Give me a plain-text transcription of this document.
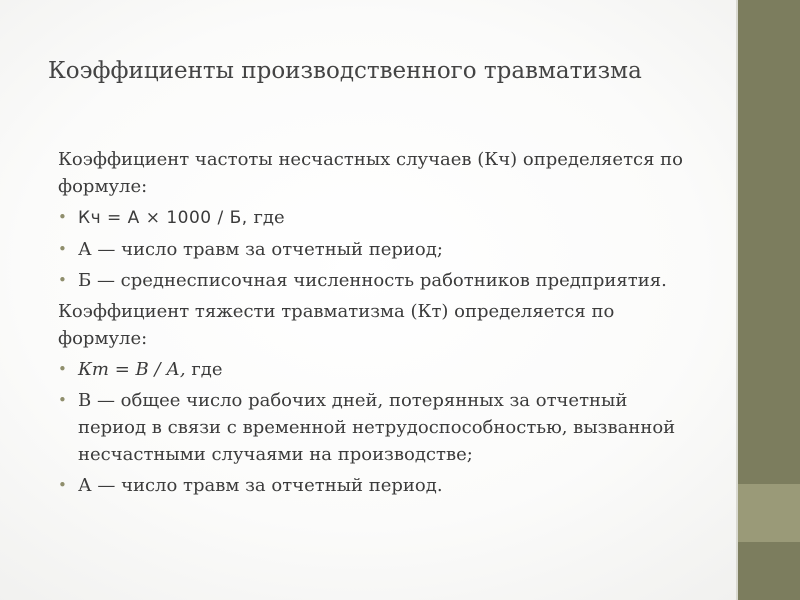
Коэффициенты производственного травматизма

Коэффициент частоты несчастных случаев (Кч) определяется по формуле:

• Кч = А × 1000 / Б, где
• А — число травм за отчетный период;
• Б — среднесписочная численность работников предприятия.

Коэффициент тяжести травматизма (Кт) определяется по формуле:

• Кт = В / А, где
• В — общее число рабочих дней, потерянных за отчетный период в связи с временной нетрудоспособностью, вызванной несчастными случаями на производстве;
• А — число травм за отчетный период.
